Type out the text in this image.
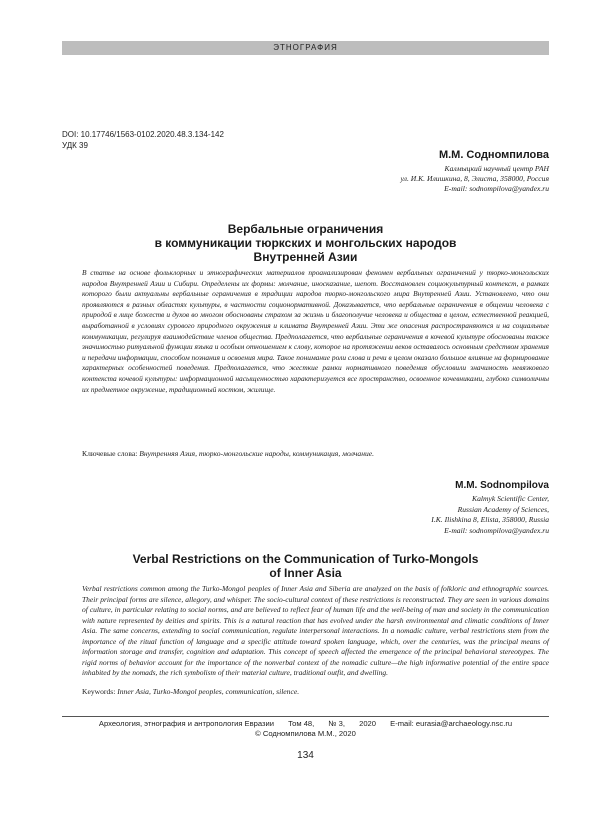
ЭТНОГРАФИЯ
DOI: 10.17746/1563-0102.2020.48.3.134-142
УДК 39
М.М. Содномпилова
Калмыцкий научный центр РАН
ул. И.К. Илишкина, 8, Элиста, 358000, Россия
E-mail: sodnompilova@yandex.ru
Вербальные ограничения
в коммуникации тюркских и монгольских народов
Внутренней Азии
В статье на основе фольклорных и этнографических материалов проанализирован феномен вербальных ограничений у тюрко-монгольских народов Внутренней Азии и Сибири. Определены их формы: молчание, иносказание, шепот. Восстановлен социокультурный контекст, в рамках которого были актуальны вербальные ограничения в традиции народов тюрко-монгольского мира Внутренней Азии. Установлено, что они проявляются в разных областях культуры, в частности соционормативной. Доказывается, что вербальные ограничения в общении человека с природой в лице божеств и духов во многом обоснованы страхом за жизнь и благополучие человека и общества в целом, естественной реакцией, выработанной в условиях сурового природного окружения и климата Внутренней Азии. Эти же опасения распространяются и на социальные коммуникации, регулируя взаимодействие членов общества. Предполагается, что вербальные ограничения в кочевой культуре обоснованы также значимостью ритуальной функции языка и особым отношением к слову, которое на протяжении веков оставалось основным средством хранения и передачи информации, способом познания и освоения мира. Такое понимание роли слова и речи в целом оказало большое влияние на формирование характерных особенностей поведения. Предполагается, что жесткие рамки нормативного поведения обусловили значимость невязкового контекста кочевой культуры: информационной насыщенностью характеризуется все пространство, освоенное кочевниками, глубоко символичны их предметное окружение, традиционный костюм, жилище.
Ключевые слова: Внутренняя Азия, тюрко-монгольские народы, коммуникация, молчание.
M.M. Sodnompilova
Kalmyk Scientific Center,
Russian Academy of Sciences,
I.K. Ilishkina 8, Elista, 358000, Russia
E-mail: sodnompilova@yandex.ru
Verbal Restrictions on the Communication of Turko-Mongols
of Inner Asia
Verbal restrictions common among the Turko-Mongol peoples of Inner Asia and Siberia are analyzed on the basis of folkloric and ethnographic sources. Their principal forms are silence, allegory, and whisper. The socio-cultural context of these restrictions is reconstructed. They are seen in various domains of culture, in particular relating to social norms, and are believed to reflect fear of human life and the well-being of man and society in the communication with nature represented by deities and spirits. This is a natural reaction that has evolved under the harsh environmental and climatic conditions of Inner Asia. The same concerns, extending to social communication, regulate interpersonal interactions. In a nomadic culture, verbal restrictions stem from the importance of the ritual function of language and a specific attitude toward spoken language, which, over the centuries, was the principal means of information storage and transfer, cognition and adaptation. This concept of speech affected the emergence of the principal behavioral stereotypes. The rigid norms of behavior account for the importance of the nonverbal context of the nomadic culture—the high informative potential of the entire space inhabited by the nomads, the rich symbolism of their material culture, traditional outfit, and dwelling.
Keywords: Inner Asia, Turko-Mongol peoples, communication, silence.
Археология, этнография и антропология Евразии Том 48, № 3, 2020 E-mail: eurasia@archaeology.nsc.ru
© Содномпилова М.М., 2020
134
